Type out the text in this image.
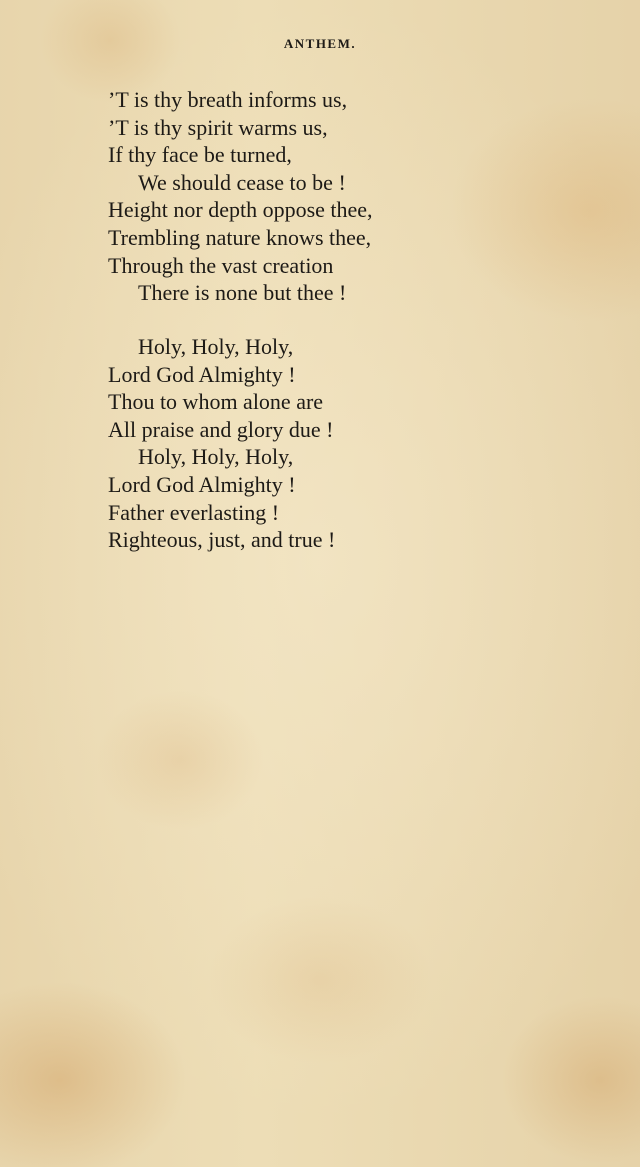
ANTHEM.
’T is thy breath informs us,
’T is thy spirit warms us,
If thy face be turned,
We should cease to be !
Height nor depth oppose thee,
Trembling nature knows thee,
Through the vast creation
There is none but thee !
Holy, Holy, Holy,
Lord God Almighty !
Thou to whom alone are
All praise and glory due !
Holy, Holy, Holy,
Lord God Almighty !
Father everlasting !
Righteous, just, and true !
